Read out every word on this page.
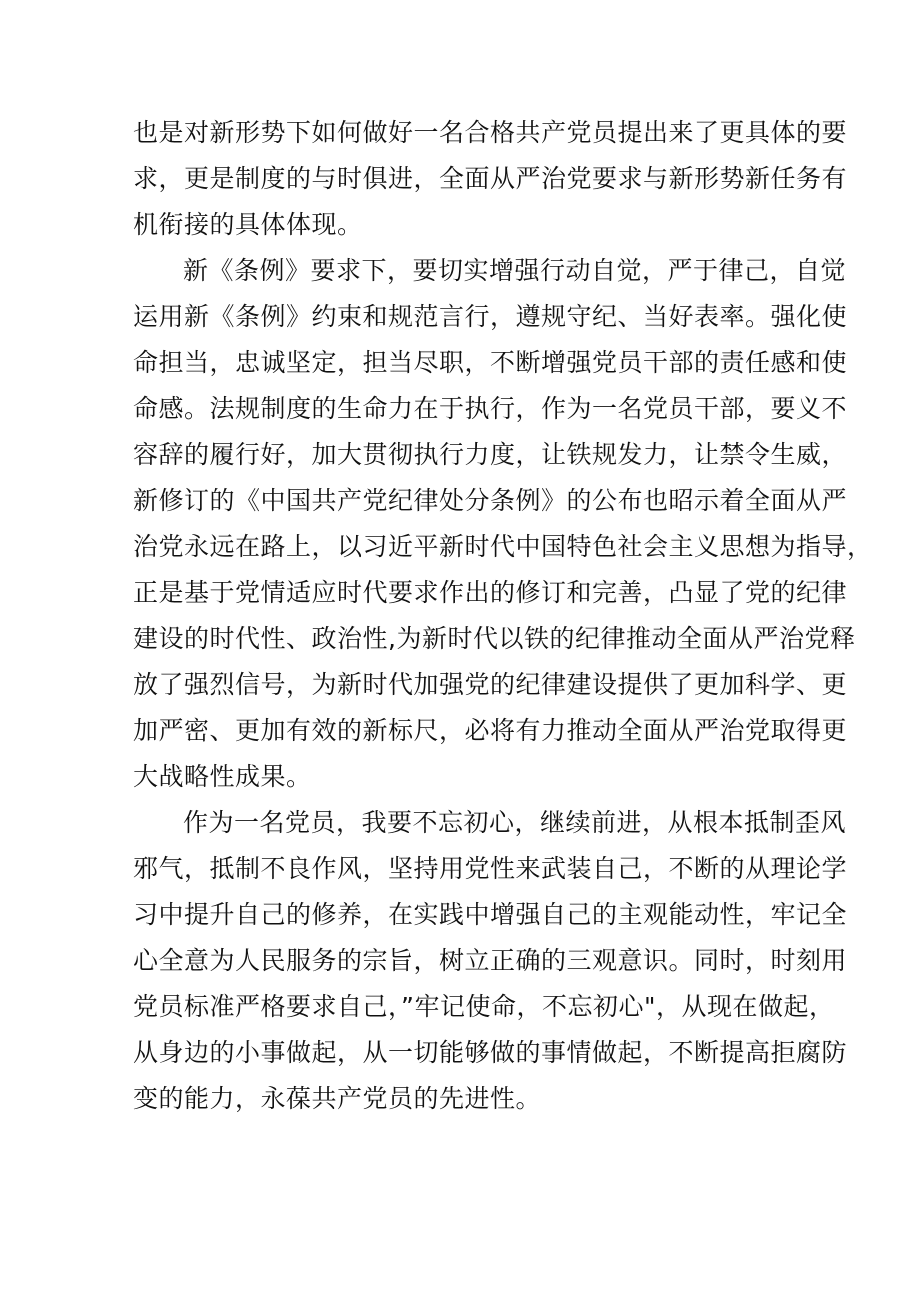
也是对新形势下如何做好一名合格共产党员提出来了更具体的要
求，更是制度的与时俱进，全面从严治党要求与新形势新任务有
机衔接的具体体现。
新《条例》要求下，要切实增强行动自觉，严于律己，自觉
运用新《条例》约束和规范言行，遵规守纪、当好表率。强化使
命担当，忠诚坚定，担当尽职，不断增强党员干部的责任感和使
命感。法规制度的生命力在于执行，作为一名党员干部，要义不
容辞的履行好，加大贯彻执行力度，让铁规发力，让禁令生威，
新修订的《中国共产党纪律处分条例》的公布也昭示着全面从严
治党永远在路上，以习近平新时代中国特色社会主义思想为指导，
正是基于党情适应时代要求作出的修订和完善，凸显了党的纪律
建设的时代性、政治性,为新时代以铁的纪律推动全面从严治党释
放了强烈信号，为新时代加强党的纪律建设提供了更加科学、更
加严密、更加有效的新标尺，必将有力推动全面从严治党取得更
大战略性成果。
作为一名党员，我要不忘初心，继续前进，从根本抵制歪风
邪气，抵制不良作风，坚持用党性来武装自己，不断的从理论学
习中提升自己的修养，在实践中增强自己的主观能动性，牢记全
心全意为人民服务的宗旨，树立正确的三观意识。同时，时刻用
党员标准严格要求自己，”牢记使命，不忘初心"，从现在做起，
从身边的小事做起，从一切能够做的事情做起，不断提高拒腐防
变的能力，永葆共产党员的先进性。
